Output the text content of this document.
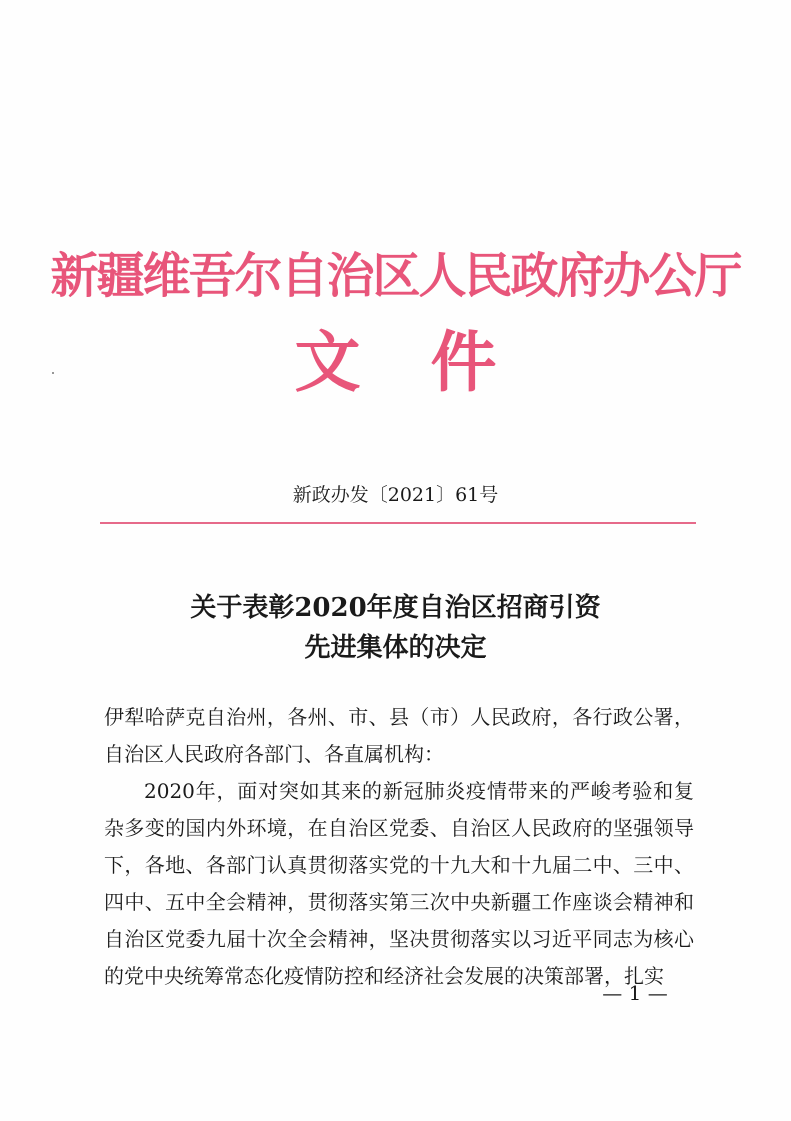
新疆维吾尔自治区人民政府办公厅
文件
新政办发〔2021〕61号
关于表彰2020年度自治区招商引资
先进集体的决定

伊犁哈萨克自治州，各州、市、县（市）人民政府，各行政公署，自治区人民政府各部门、各直属机构：

2020年，面对突如其来的新冠肺炎疫情带来的严峻考验和复杂多变的国内外环境，在自治区党委、自治区人民政府的坚强领导下，各地、各部门认真贯彻落实党的十九大和十九届二中、三中、四中、五中全会精神，贯彻落实第三次中央新疆工作座谈会精神和自治区党委九届十次全会精神，坚决贯彻落实以习近平同志为核心的党中央统筹常态化疫情防控和经济社会发展的决策部署，扎实

— 1 —
